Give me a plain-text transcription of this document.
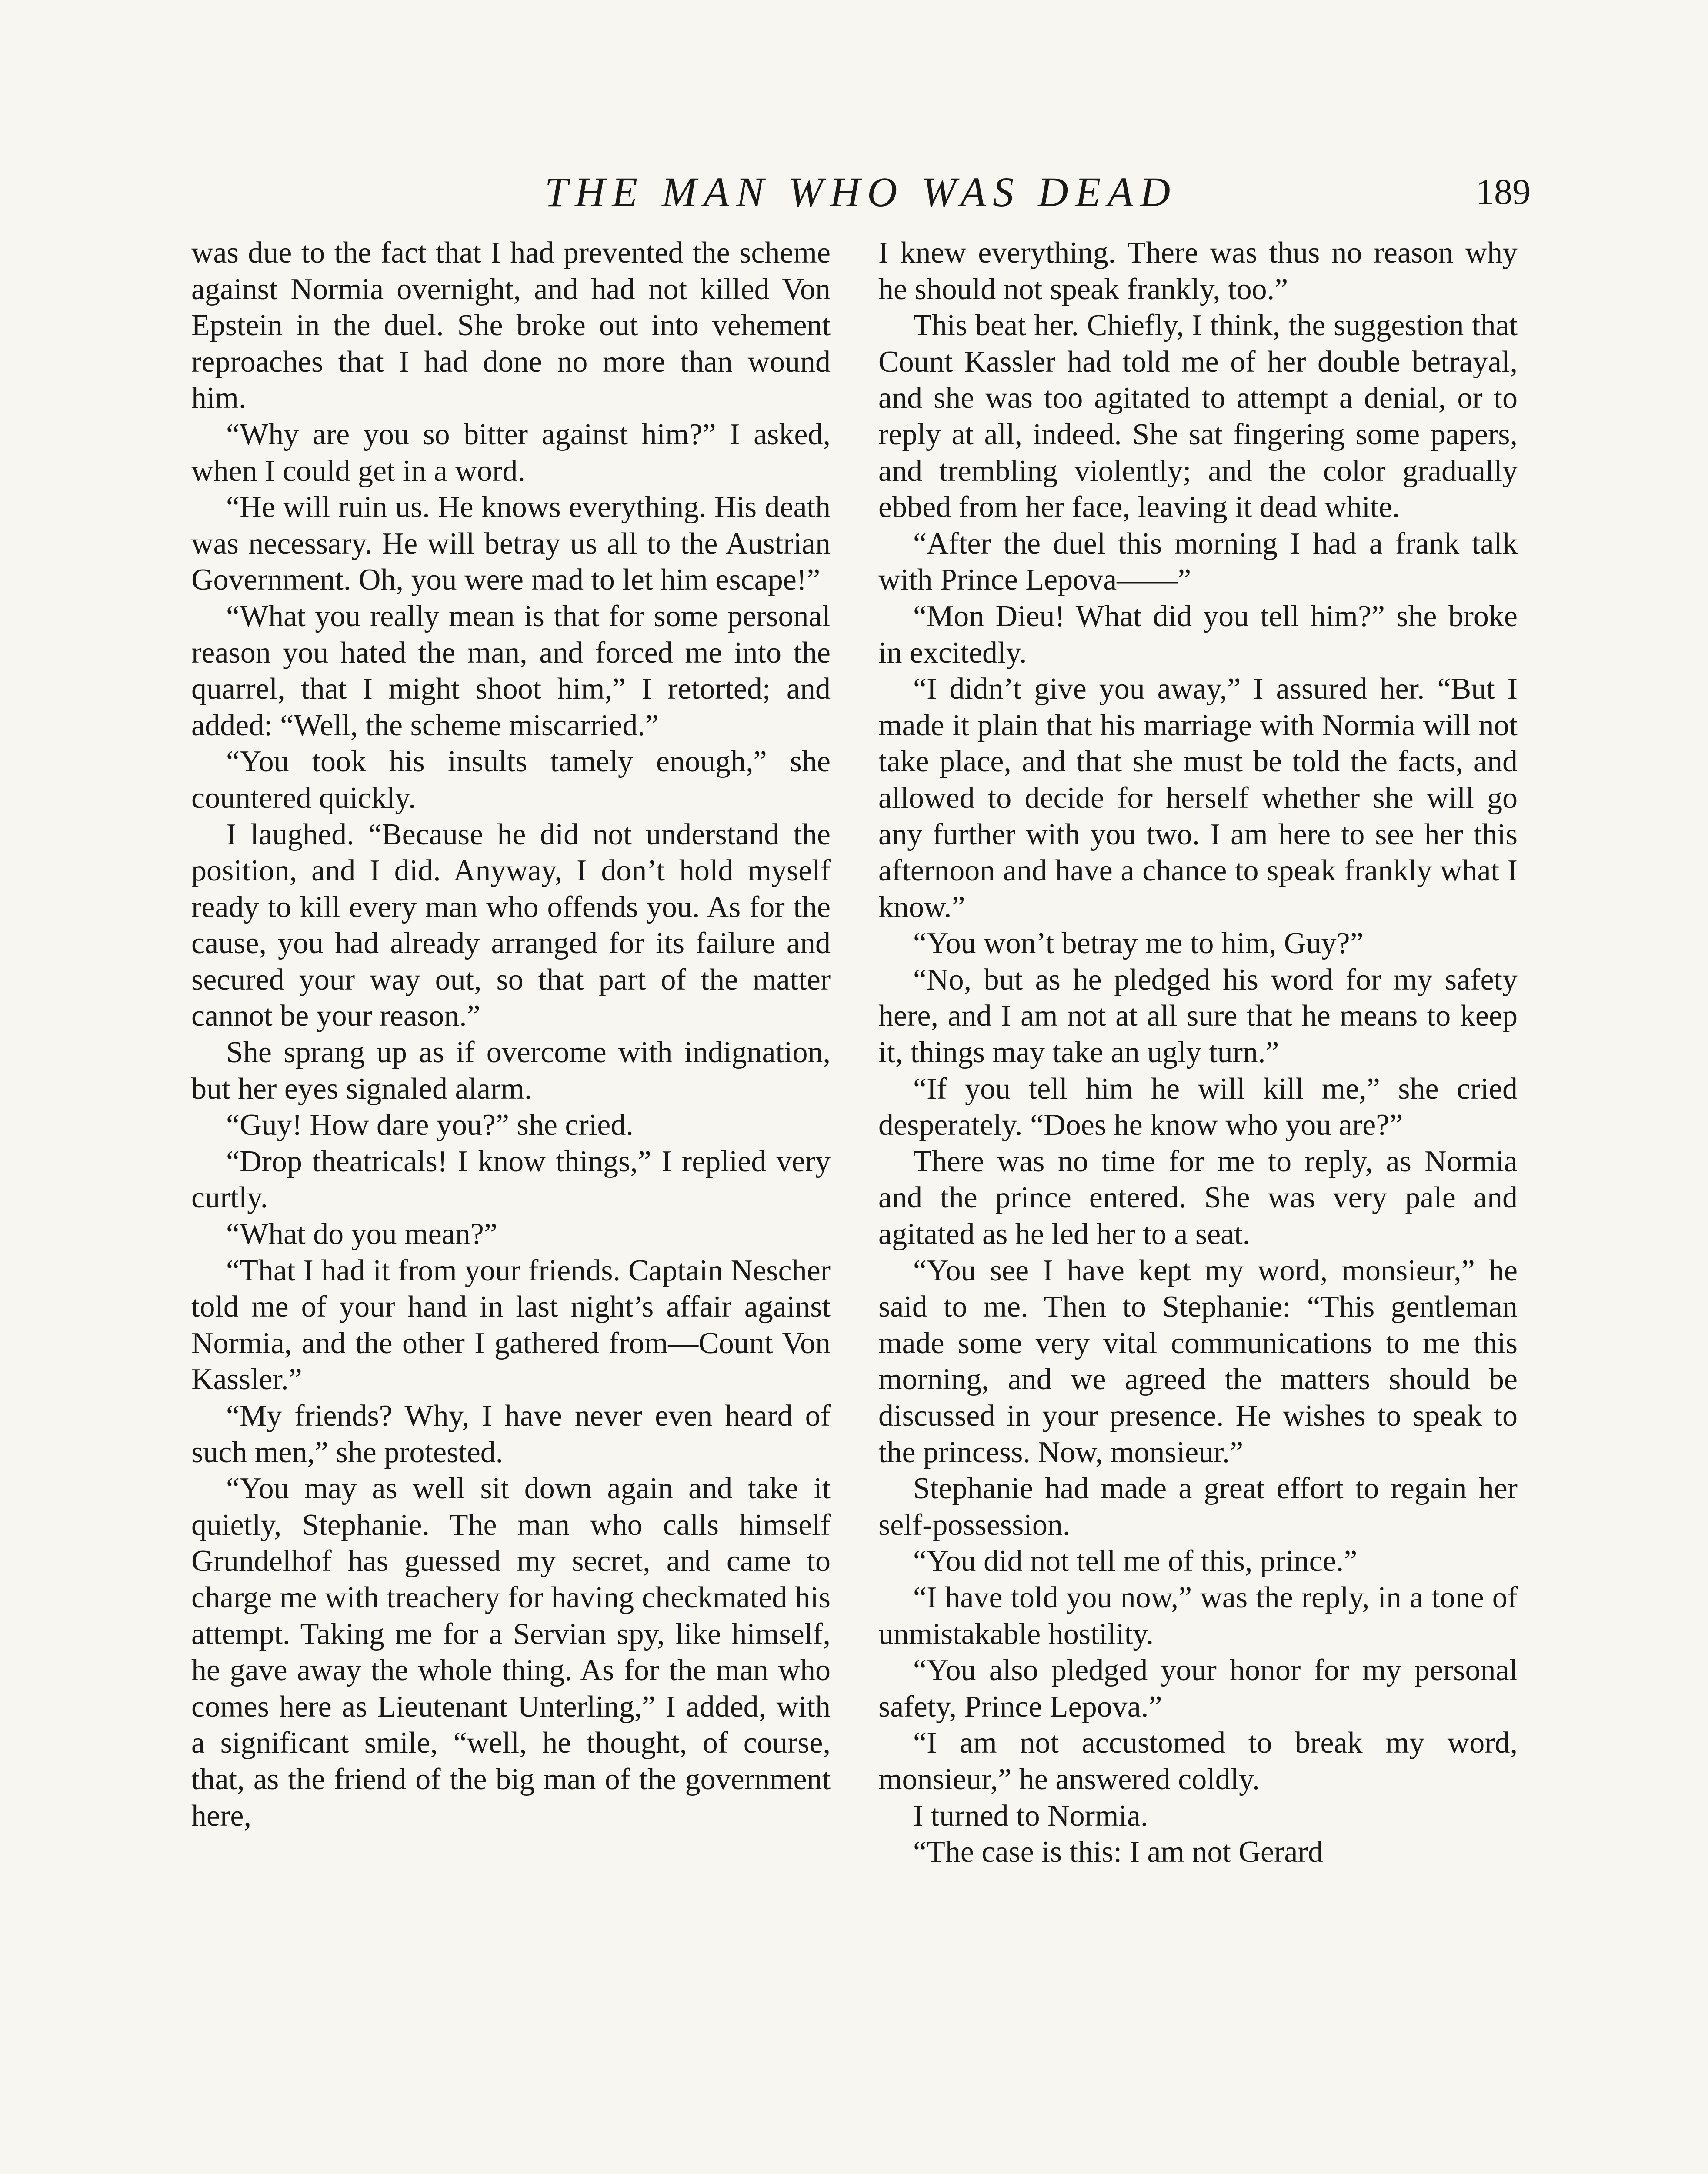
THE MAN WHO WAS DEAD	189

was due to the fact that I had prevented the scheme against Normia overnight, and had not killed Von Epstein in the duel. She broke out into vehement reproaches that I had done no more than wound him.

“Why are you so bitter against him?” I asked, when I could get in a word.

“He will ruin us. He knows everything. His death was necessary. He will betray us all to the Austrian Government. Oh, you were mad to let him escape!”

“What you really mean is that for some personal reason you hated the man, and forced me into the quarrel, that I might shoot him,” I retorted; and added: “Well, the scheme miscarried.”

“You took his insults tamely enough,” she countered quickly.

I laughed. “Because he did not understand the position, and I did. Anyway, I don’t hold myself ready to kill every man who offends you. As for the cause, you had already arranged for its failure and secured your way out, so that part of the matter cannot be your reason.”

She sprang up as if overcome with indignation, but her eyes signaled alarm.

“Guy! How dare you?” she cried.

“Drop theatricals! I know things,” I replied very curtly.

“What do you mean?”

“That I had it from your friends. Captain Nescher told me of your hand in last night’s affair against Normia, and the other I gathered from—Count Von Kassler.”

“My friends? Why, I have never even heard of such men,” she protested.

“You may as well sit down again and take it quietly, Stephanie. The man who calls himself Grundelhof has guessed my secret, and came to charge me with treachery for having checkmated his attempt. Taking me for a Servian spy, like himself, he gave away the whole thing. As for the man who comes here as Lieutenant Unterling,” I added, with a significant smile, “well, he thought, of course, that, as the friend of the big man of the government here,

I knew everything. There was thus no reason why he should not speak frankly, too.”

This beat her. Chiefly, I think, the suggestion that Count Kassler had told me of her double betrayal, and she was too agitated to attempt a denial, or to reply at all, indeed. She sat fingering some papers, and trembling violently; and the color gradually ebbed from her face, leaving it dead white.

“After the duel this morning I had a frank talk with Prince Lepova——”

“Mon Dieu! What did you tell him?” she broke in excitedly.

“I didn’t give you away,” I assured her. “But I made it plain that his marriage with Normia will not take place, and that she must be told the facts, and allowed to decide for herself whether she will go any further with you two. I am here to see her this afternoon and have a chance to speak frankly what I know.”

“You won’t betray me to him, Guy?”

“No, but as he pledged his word for my safety here, and I am not at all sure that he means to keep it, things may take an ugly turn.”

“If you tell him he will kill me,” she cried desperately. “Does he know who you are?”

There was no time for me to reply, as Normia and the prince entered. She was very pale and agitated as he led her to a seat.

“You see I have kept my word, monsieur,” he said to me. Then to Stephanie: “This gentleman made some very vital communications to me this morning, and we agreed the matters should be discussed in your presence. He wishes to speak to the princess. Now, monsieur.”

Stephanie had made a great effort to regain her self-possession.

“You did not tell me of this, prince.”

“I have told you now,” was the reply, in a tone of unmistakable hostility.

“You also pledged your honor for my personal safety, Prince Lepova.”

“I am not accustomed to break my word, monsieur,” he answered coldly.

I turned to Normia.

“The case is this: I am not Gerard
